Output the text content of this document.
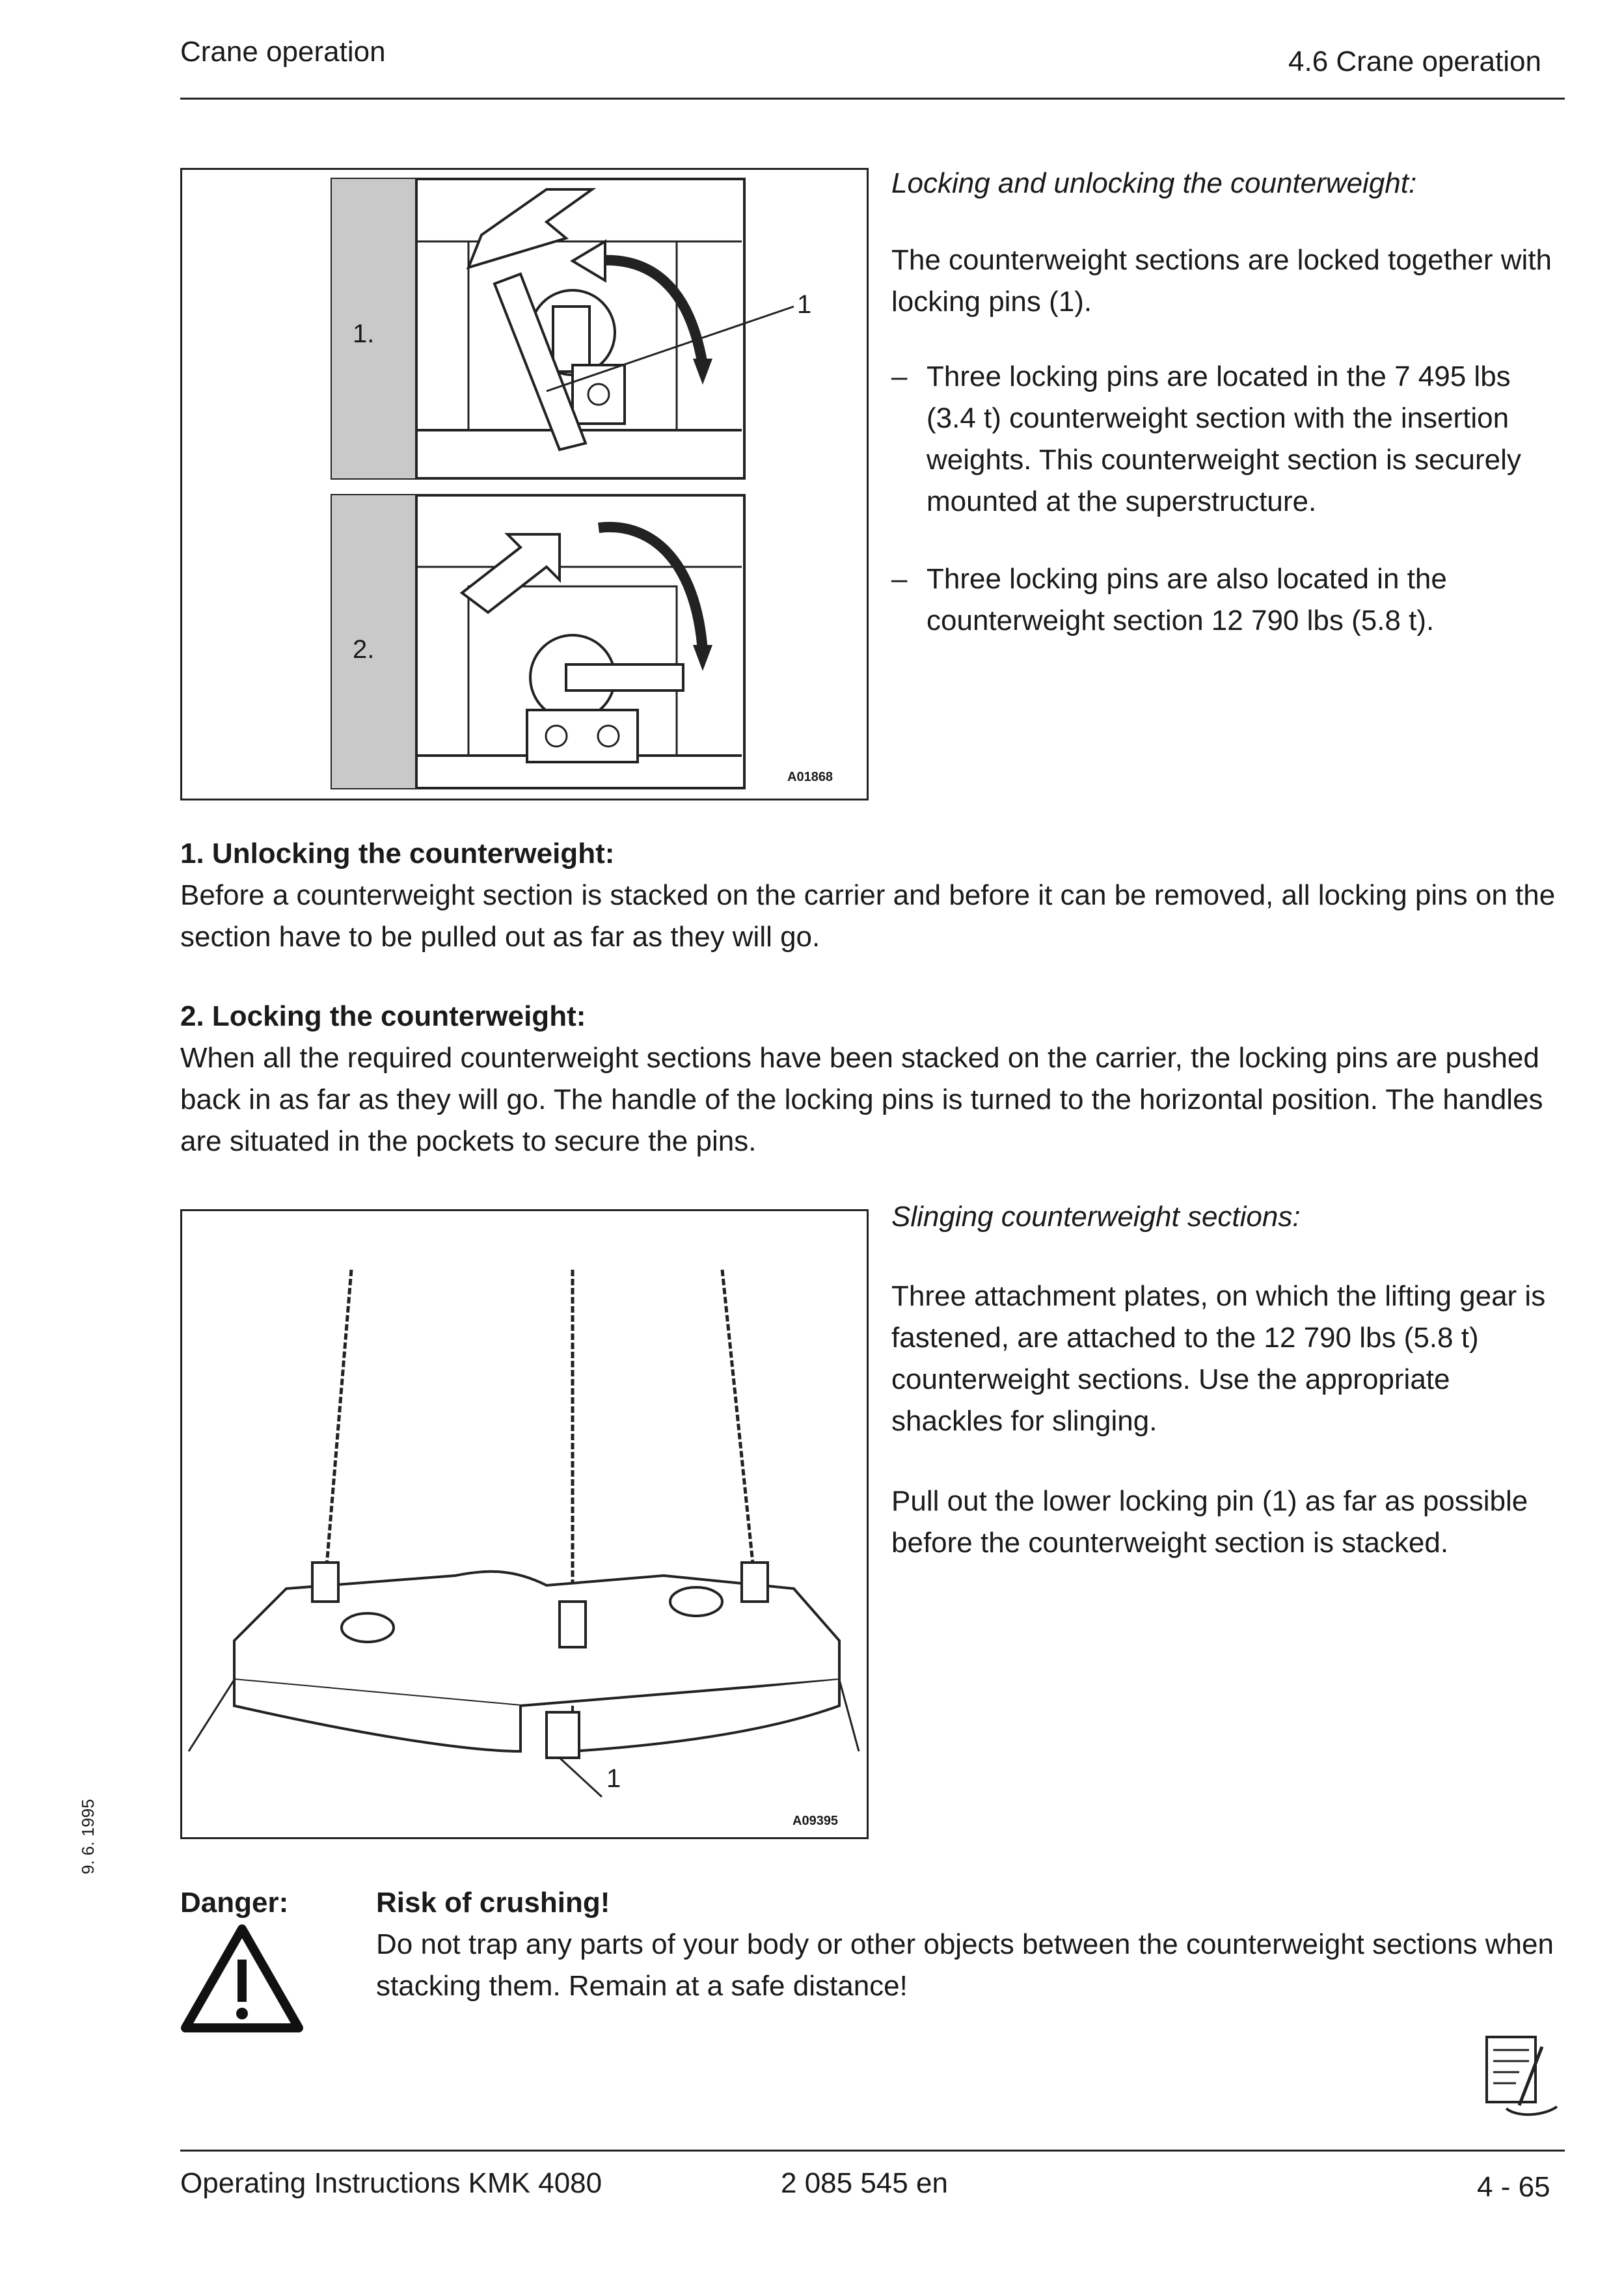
Crane operation	4.6 Crane operation
1.
2.
1
A01868
Locking and unlocking the counterweight:
The counterweight sections are locked together with locking pins (1).
– Three locking pins are located in the 7 495 lbs (3.4 t) counterweight section with the insertion weights. This counterweight section is securely mounted at the superstructure.
– Three locking pins are also located in the counterweight section 12 790 lbs (5.8 t).
1. Unlocking the counterweight:
Before a counterweight section is stacked on the carrier and before it can be removed, all locking pins on the section have to be pulled out as far as they will go.
2. Locking the counterweight:
When all the required counterweight sections have been stacked on the carrier, the locking pins are pushed back in as far as they will go. The handle of the locking pins is turned to the horizontal position. The handles are situated in the pockets to secure the pins.
1
A09395
Slinging counterweight sections:
Three attachment plates, on which the lifting gear is fastened, are attached to the 12 790 lbs (5.8 t) counterweight sections. Use the appropriate shackles for slinging.
Pull out the lower locking pin (1) as far as possible before the counterweight section is stacked.
Danger:	Risk of crushing!
Do not trap any parts of your body or other objects between the counterweight sections when stacking them. Remain at a safe distance!
9. 6. 1995
Operating Instructions KMK 4080	2 085 545 en	4 - 65
